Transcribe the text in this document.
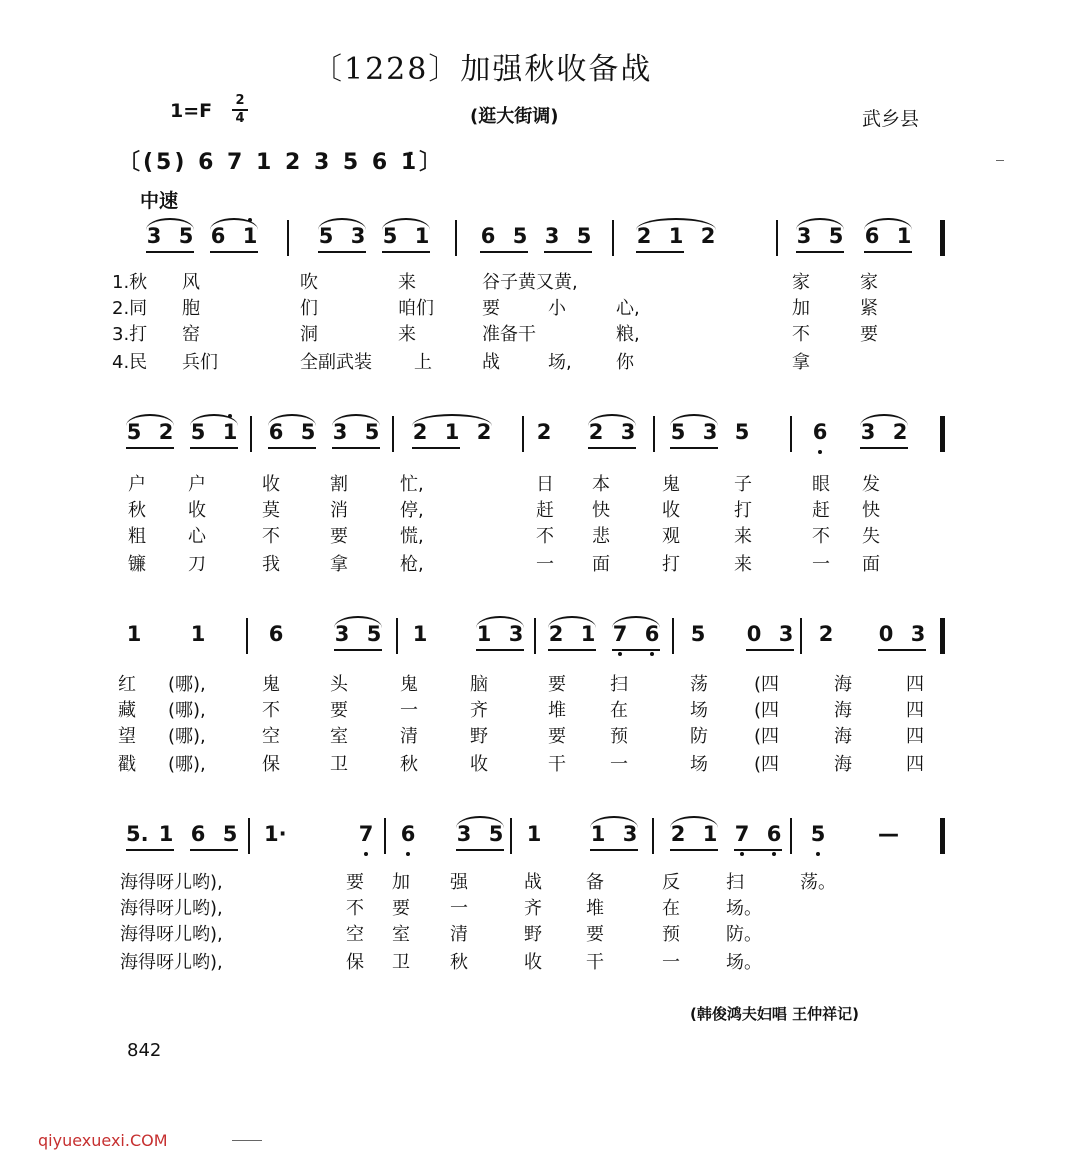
〔1228〕加强秋收备战
1=F 2
4	(逛大街调)	武乡县
〔(5) 6 7 1 2 3 5 6 1̇〕
中速
3 5 6 1	5 3 5 1 6 5 3 5 2 1 2	3 5 6 1
1.秋 风	吹	来	谷子黄又黄,	家	家
2.同 胞	们	咱们	要	小	心,	加	紧
3.打 窑	洞	来	准备干	粮,	不	要
4.民 兵们	全副武装 上	战	场, 你	拿
5 2 5 1 6 5 3 5 2 1 2 2 2 3 5 3 5	6 3 2
户 户	收	割	忙,	日 本	鬼	子	眼 发
秋 收	莫	消	停,	赶 快	收	打	赶 快
粗 心	不	要	慌,	不 悲	观	来	不 失
镰 刀	我	拿	枪,	一 面	打	来	一 面
1 1	6 3 5 1 1 3 2 1 7 6 5 0 3 2 0 3
红 (哪),	鬼	头	鬼	脑	要 扫	荡	(四	海	四
藏 (哪),	不	要	一	齐	堆 在	场	(四	海	四
望 (哪),	空	室	清	野	要 预	防	(四	海	四
戳 (哪),	保	卫	秋	收	干 一	场	(四	海	四
5. 1 6 5 1·	7 6 3 5 1 1 3 2 1 7 6 5	—
海得呀儿哟),	要 加 强	战 备	反	扫	荡。
海得呀儿哟),	不 要 一	齐 堆	在	场。
海得呀儿哟),	空 室 清	野 要	预	防。
海得呀儿哟),	保 卫 秋	收 干	一	场。
(韩俊鸿夫妇唱 王仲祥记)
842
qiyuexuexi.COM
